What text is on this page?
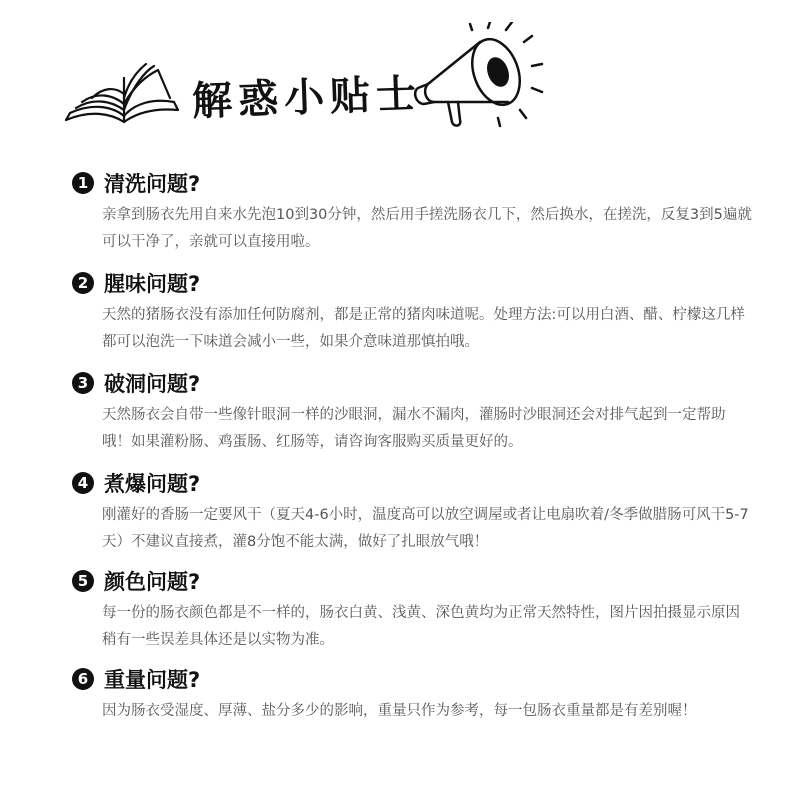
解惑小贴士
1 清洗问题?
亲拿到肠衣先用自来水先泡10到30分钟，然后用手搓洗肠衣几下，然后换水，在搓洗，反复3到5遍就可以干净了，亲就可以直接用啦。
2 腥味问题?
天然的猪肠衣没有添加任何防腐剂，都是正常的猪肉味道呢。处理方法:可以用白酒、醋、柠檬这几样都可以泡洗一下味道会减小一些，如果介意味道那慎拍哦。
3 破洞问题?
天然肠衣会自带一些像针眼洞一样的沙眼洞，漏水不漏肉，灌肠时沙眼洞还会对排气起到一定帮助哦！如果灌粉肠、鸡蛋肠、红肠等，请咨询客服购买质量更好的。
4 煮爆问题?
刚灌好的香肠一定要风干（夏天4-6小时，温度高可以放空调屋或者让电扇吹着/冬季做腊肠可风干5-7天）不建议直接煮，灌8分饱不能太满，做好了扎眼放气哦！
5 颜色问题?
每一份的肠衣颜色都是不一样的，肠衣白黄、浅黄、深色黄均为正常天然特性，图片因拍摄显示原因稍有一些误差具体还是以实物为准。
6 重量问题?
因为肠衣受湿度、厚薄、盐分多少的影响，重量只作为参考，每一包肠衣重量都是有差别喔！
